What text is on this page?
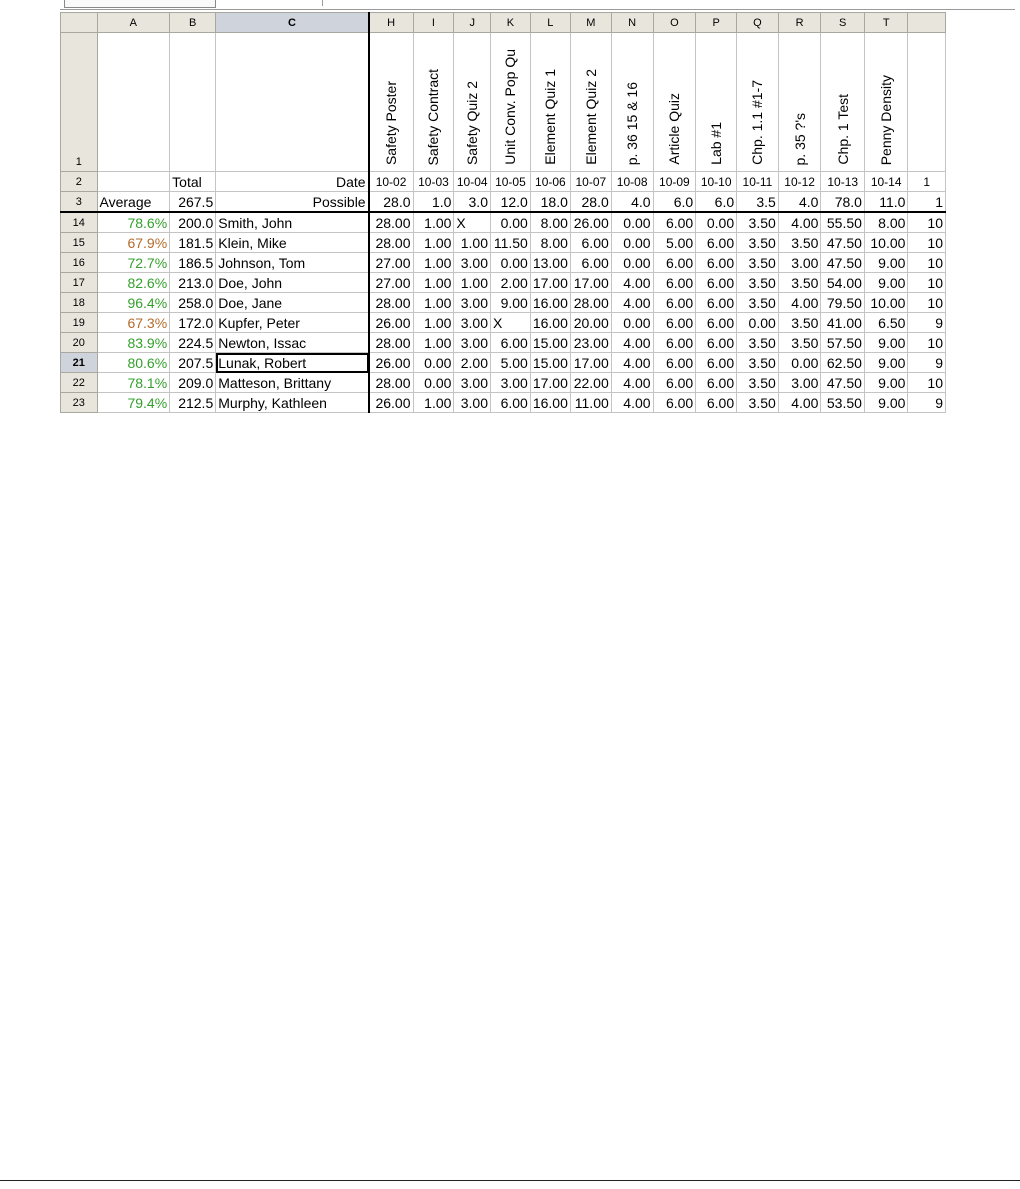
	A	B	C	H	I	J	K	L	M	N	O	P	Q	R	S	T	
1				Safety Poster	Safety Contract	Safety Quiz 2	Unit Conv. Pop Qu	Element Quiz 1	Element Quiz 2	p. 36 15 & 16	Article Quiz	Lab #1	Chp. 1.1 #1-7	p. 35 ?'s	Chp. 1 Test	Penny Density	
2		Total	Date	10-02	10-03	10-04	10-05	10-06	10-07	10-08	10-09	10-10	10-11	10-12	10-13	10-14	1
3	Average	267.5	Possible	28.0	1.0	3.0	12.0	18.0	28.0	4.0	6.0	6.0	3.5	4.0	78.0	11.0	1
14	78.6%	200.0	Smith, John	28.00	1.00	X	0.00	8.00	26.00	0.00	6.00	0.00	3.50	4.00	55.50	8.00	10
15	67.9%	181.5	Klein, Mike	28.00	1.00	1.00	11.50	8.00	6.00	0.00	5.00	6.00	3.50	3.50	47.50	10.00	10
16	72.7%	186.5	Johnson, Tom	27.00	1.00	3.00	0.00	13.00	6.00	0.00	6.00	6.00	3.50	3.00	47.50	9.00	10
17	82.6%	213.0	Doe, John	27.00	1.00	1.00	2.00	17.00	17.00	4.00	6.00	6.00	3.50	3.50	54.00	9.00	10
18	96.4%	258.0	Doe, Jane	28.00	1.00	3.00	9.00	16.00	28.00	4.00	6.00	6.00	3.50	4.00	79.50	10.00	10
19	67.3%	172.0	Kupfer, Peter	26.00	1.00	3.00	X	16.00	20.00	0.00	6.00	6.00	0.00	3.50	41.00	6.50	9
20	83.9%	224.5	Newton, Issac	28.00	1.00	3.00	6.00	15.00	23.00	4.00	6.00	6.00	3.50	3.50	57.50	9.00	10
21	80.6%	207.5	Lunak, Robert	26.00	0.00	2.00	5.00	15.00	17.00	4.00	6.00	6.00	3.50	0.00	62.50	9.00	9
22	78.1%	209.0	Matteson, Brittany	28.00	0.00	3.00	3.00	17.00	22.00	4.00	6.00	6.00	3.50	3.00	47.50	9.00	10
23	79.4%	212.5	Murphy, Kathleen	26.00	1.00	3.00	6.00	16.00	11.00	4.00	6.00	6.00	3.50	4.00	53.50	9.00	9
